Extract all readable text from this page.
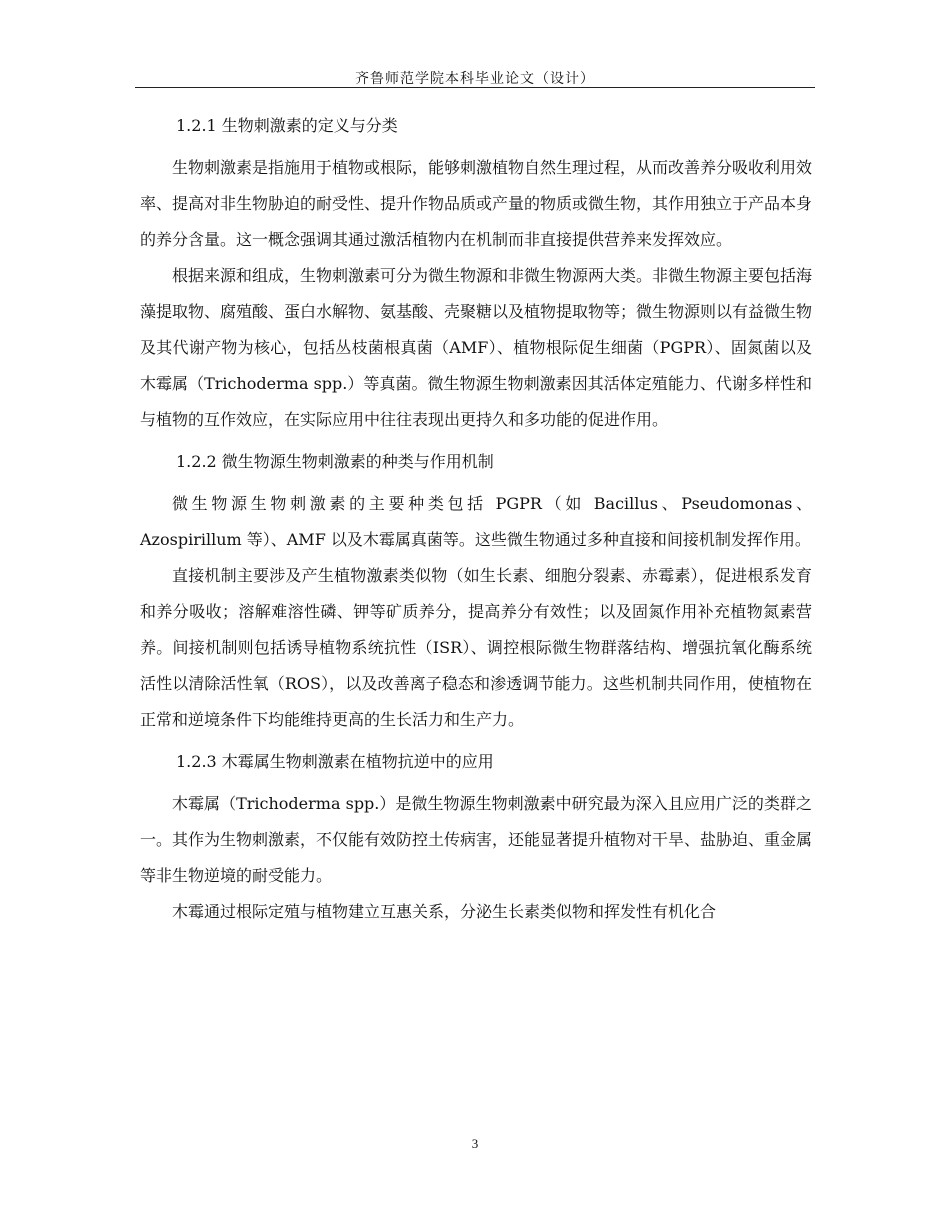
齐鲁师范学院本科毕业论文（设计）
1.2.1 生物刺激素的定义与分类

生物刺激素是指施用于植物或根际，能够刺激植物自然生理过程，从而改善养分吸收利用效率、提高对非生物胁迫的耐受性、提升作物品质或产量的物质或微生物，其作用独立于产品本身的养分含量。这一概念强调其通过激活植物内在机制而非直接提供营养来发挥效应。

根据来源和组成，生物刺激素可分为微生物源和非微生物源两大类。非微生物源主要包括海藻提取物、腐殖酸、蛋白水解物、氨基酸、壳聚糖以及植物提取物等；微生物源则以有益微生物及其代谢产物为核心，包括丛枝菌根真菌（AMF）、植物根际促生细菌（PGPR）、固氮菌以及木霉属（Trichoderma spp.）等真菌。微生物源生物刺激素因其活体定殖能力、代谢多样性和与植物的互作效应，在实际应用中往往表现出更持久和多功能的促进作用。

1.2.2 微生物源生物刺激素的种类与作用机制

微生物源生物刺激素的主要种类包括 PGPR（如 Bacillus、Pseudomonas、Azospirillum 等）、AMF 以及木霉属真菌等。这些微生物通过多种直接和间接机制发挥作用。

直接机制主要涉及产生植物激素类似物（如生长素、细胞分裂素、赤霉素），促进根系发育和养分吸收；溶解难溶性磷、钾等矿质养分，提高养分有效性；以及固氮作用补充植物氮素营养。间接机制则包括诱导植物系统抗性（ISR）、调控根际微生物群落结构、增强抗氧化酶系统活性以清除活性氧（ROS），以及改善离子稳态和渗透调节能力。这些机制共同作用，使植物在正常和逆境条件下均能维持更高的生长活力和生产力。

1.2.3 木霉属生物刺激素在植物抗逆中的应用

木霉属（Trichoderma spp.）是微生物源生物刺激素中研究最为深入且应用广泛的类群之一。其作为生物刺激素，不仅能有效防控土传病害，还能显著提升植物对干旱、盐胁迫、重金属等非生物逆境的耐受能力。

木霉通过根际定殖与植物建立互惠关系，分泌生长素类似物和挥发性有机化合

3
